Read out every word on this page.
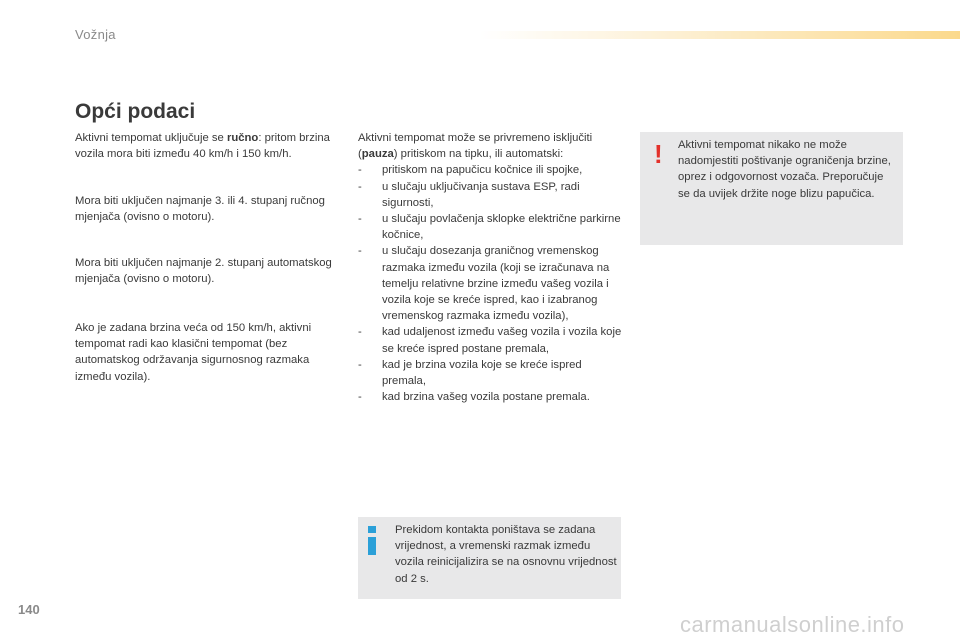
Vožnja
Opći podaci

Aktivni tempomat uključuje se ručno: pritom brzina vozila mora biti između 40 km/h i 150 km/h.

Mora biti uključen najmanje 3. ili 4. stupanj ručnog mjenjača (ovisno o motoru).

Mora biti uključen najmanje 2. stupanj automatskog mjenjača (ovisno o motoru).

Ako je zadana brzina veća od 150 km/h, aktivni tempomat radi kao klasični tempomat (bez automatskog održavanja sigurnosnog razmaka između vozila).

Aktivni tempomat može se privremeno isključiti (pauza) pritiskom na tipku, ili automatski:

- pritiskom na papučicu kočnice ili spojke,
- u slučaju uključivanja sustava ESP, radi sigurnosti,
- u slučaju povlačenja sklopke električne parkirne kočnice,
- u slučaju dosezanja graničnog vremenskog razmaka između vozila (koji se izračunava na temelju relativne brzine između vašeg vozila i vozila koje se kreće ispred, kao i izabranog vremenskog razmaka između vozila),
- kad udaljenost između vašeg vozila i vozila koje se kreće ispred postane premala,
- kad je brzina vozila koje se kreće ispred premala,
- kad brzina vašeg vozila postane premala.
! Aktivni tempomat nikako ne može nadomjestiti poštivanje ograničenja brzine, oprez i odgovornost vozača. Preporučuje se da uvijek držite noge blizu papučica.
Prekidom kontakta poništava se zadana vrijednost, a vremenski razmak između vozila reinicijalizira se na osnovnu vrijednost od 2 s.
140
carmanualsonline.info
